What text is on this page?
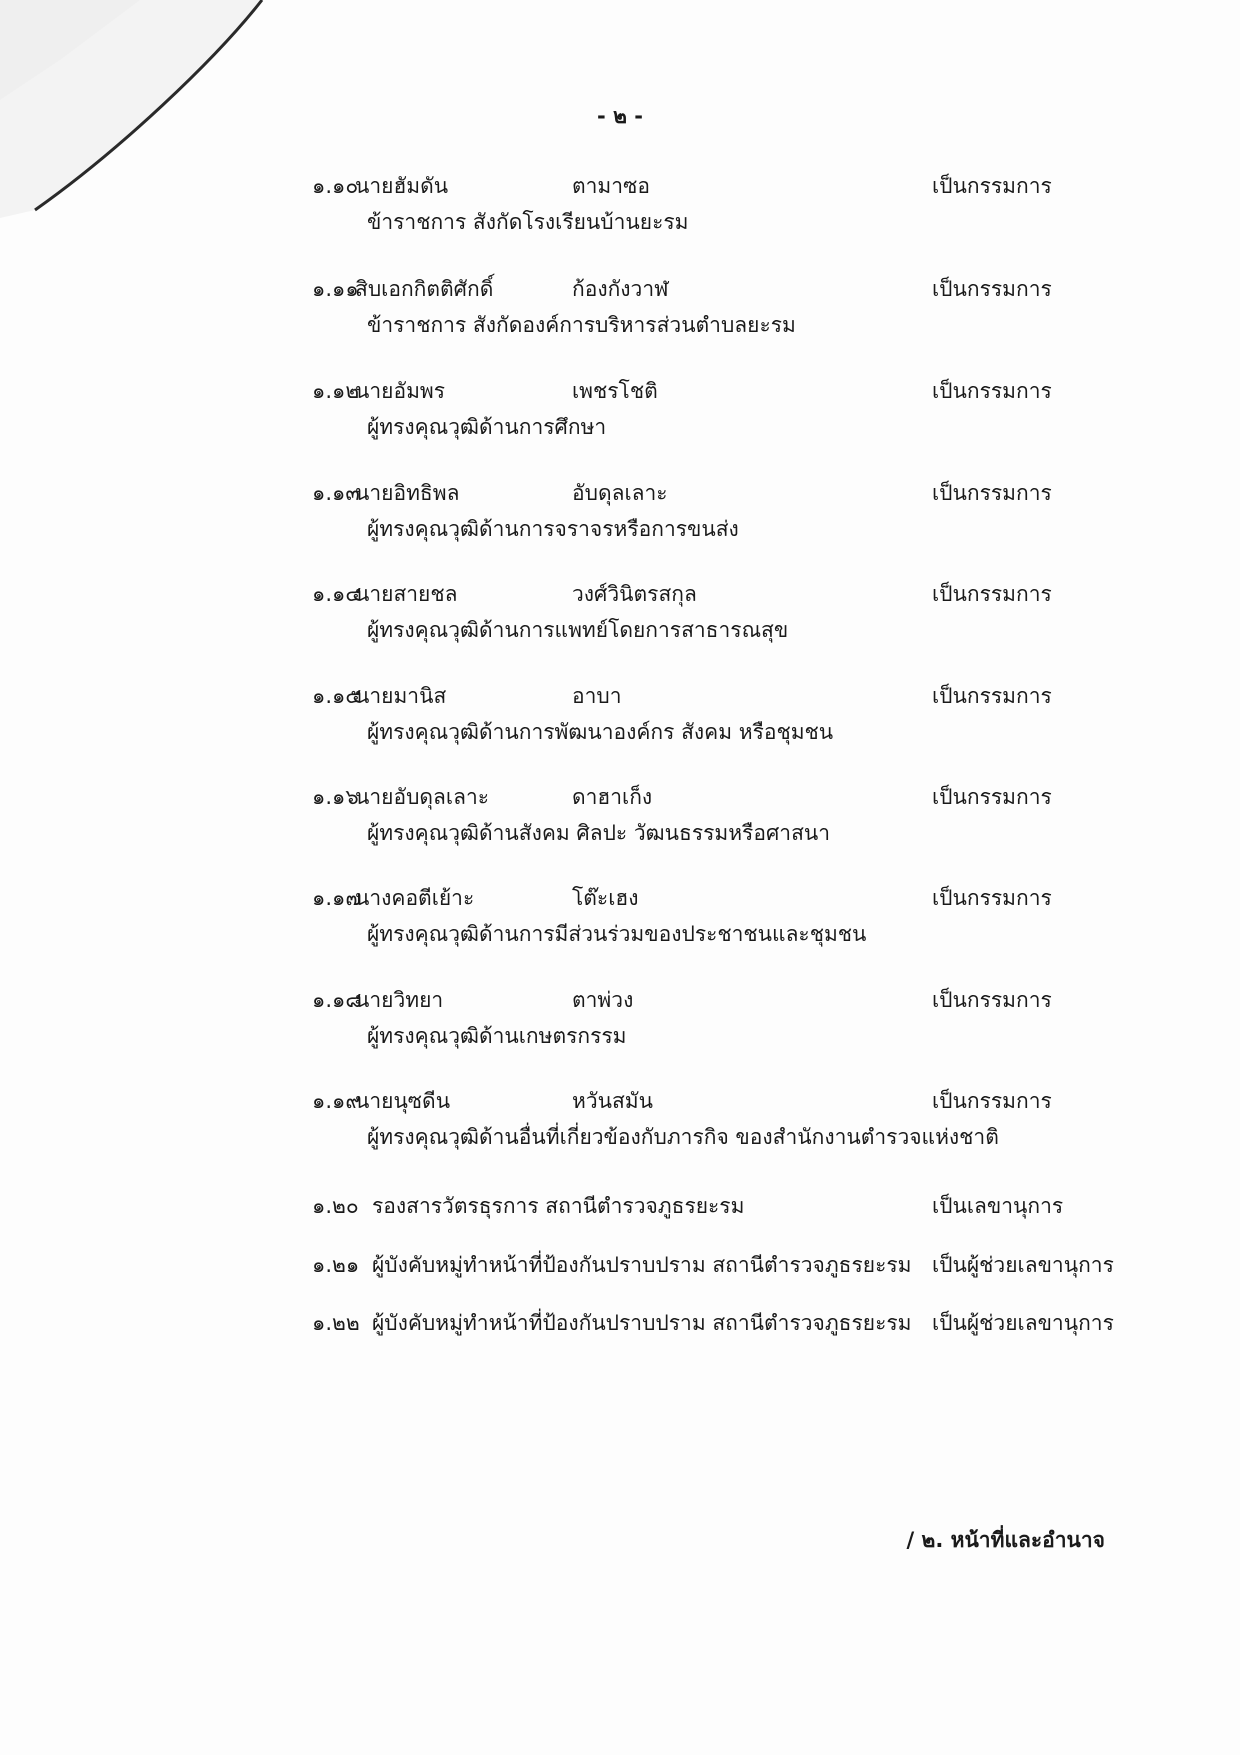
- ๒ -
๑.๑๐
นายฮัมดัน	ตามาซอ	เป็นกรรมการ
ข้าราชการ สังกัดโรงเรียนบ้านยะรม
๑.๑๑
สิบเอกกิตติศักดิ์	ก้องกังวาฬ	เป็นกรรมการ
ข้าราชการ สังกัดองค์การบริหารส่วนตำบลยะรม
๑.๑๒
นายอัมพร	เพชรโชติ	เป็นกรรมการ
ผู้ทรงคุณวุฒิด้านการศึกษา
๑.๑๓
นายอิทธิพล	อับดุลเลาะ	เป็นกรรมการ
ผู้ทรงคุณวุฒิด้านการจราจรหรือการขนส่ง
๑.๑๔
นายสายชล	วงศ์วินิตรสกุล	เป็นกรรมการ
ผู้ทรงคุณวุฒิด้านการแพทย์โดยการสาธารณสุข
๑.๑๕
นายมานิส	อาบา	เป็นกรรมการ
ผู้ทรงคุณวุฒิด้านการพัฒนาองค์กร สังคม หรือชุมชน
๑.๑๖
นายอับดุลเลาะ	ดาฮาเก็ง	เป็นกรรมการ
ผู้ทรงคุณวุฒิด้านสังคม ศิลปะ วัฒนธรรมหรือศาสนา
๑.๑๗
นางคอตีเย้าะ	โต๊ะเฮง	เป็นกรรมการ
ผู้ทรงคุณวุฒิด้านการมีส่วนร่วมของประชาชนและชุมชน
๑.๑๘
นายวิทยา	ตาพ่วง	เป็นกรรมการ
ผู้ทรงคุณวุฒิด้านเกษตรกรรม
๑.๑๙
นายนุซดีน	หวันสมัน	เป็นกรรมการ
ผู้ทรงคุณวุฒิด้านอื่นที่เกี่ยวข้องกับภารกิจ ของสำนักงานตำรวจแห่งชาติ
๑.๒๐ รองสารวัตรธุรการ สถานีตำรวจภูธรยะรม	เป็นเลขานุการ
๑.๒๑ ผู้บังคับหมู่ทำหน้าที่ป้องกันปราบปราม สถานีตำรวจภูธรยะรม เป็นผู้ช่วยเลขานุการ
๑.๒๒ ผู้บังคับหมู่ทำหน้าที่ป้องกันปราบปราม สถานีตำรวจภูธรยะรม เป็นผู้ช่วยเลขานุการ
/ ๒. หน้าที่และอำนาจ
